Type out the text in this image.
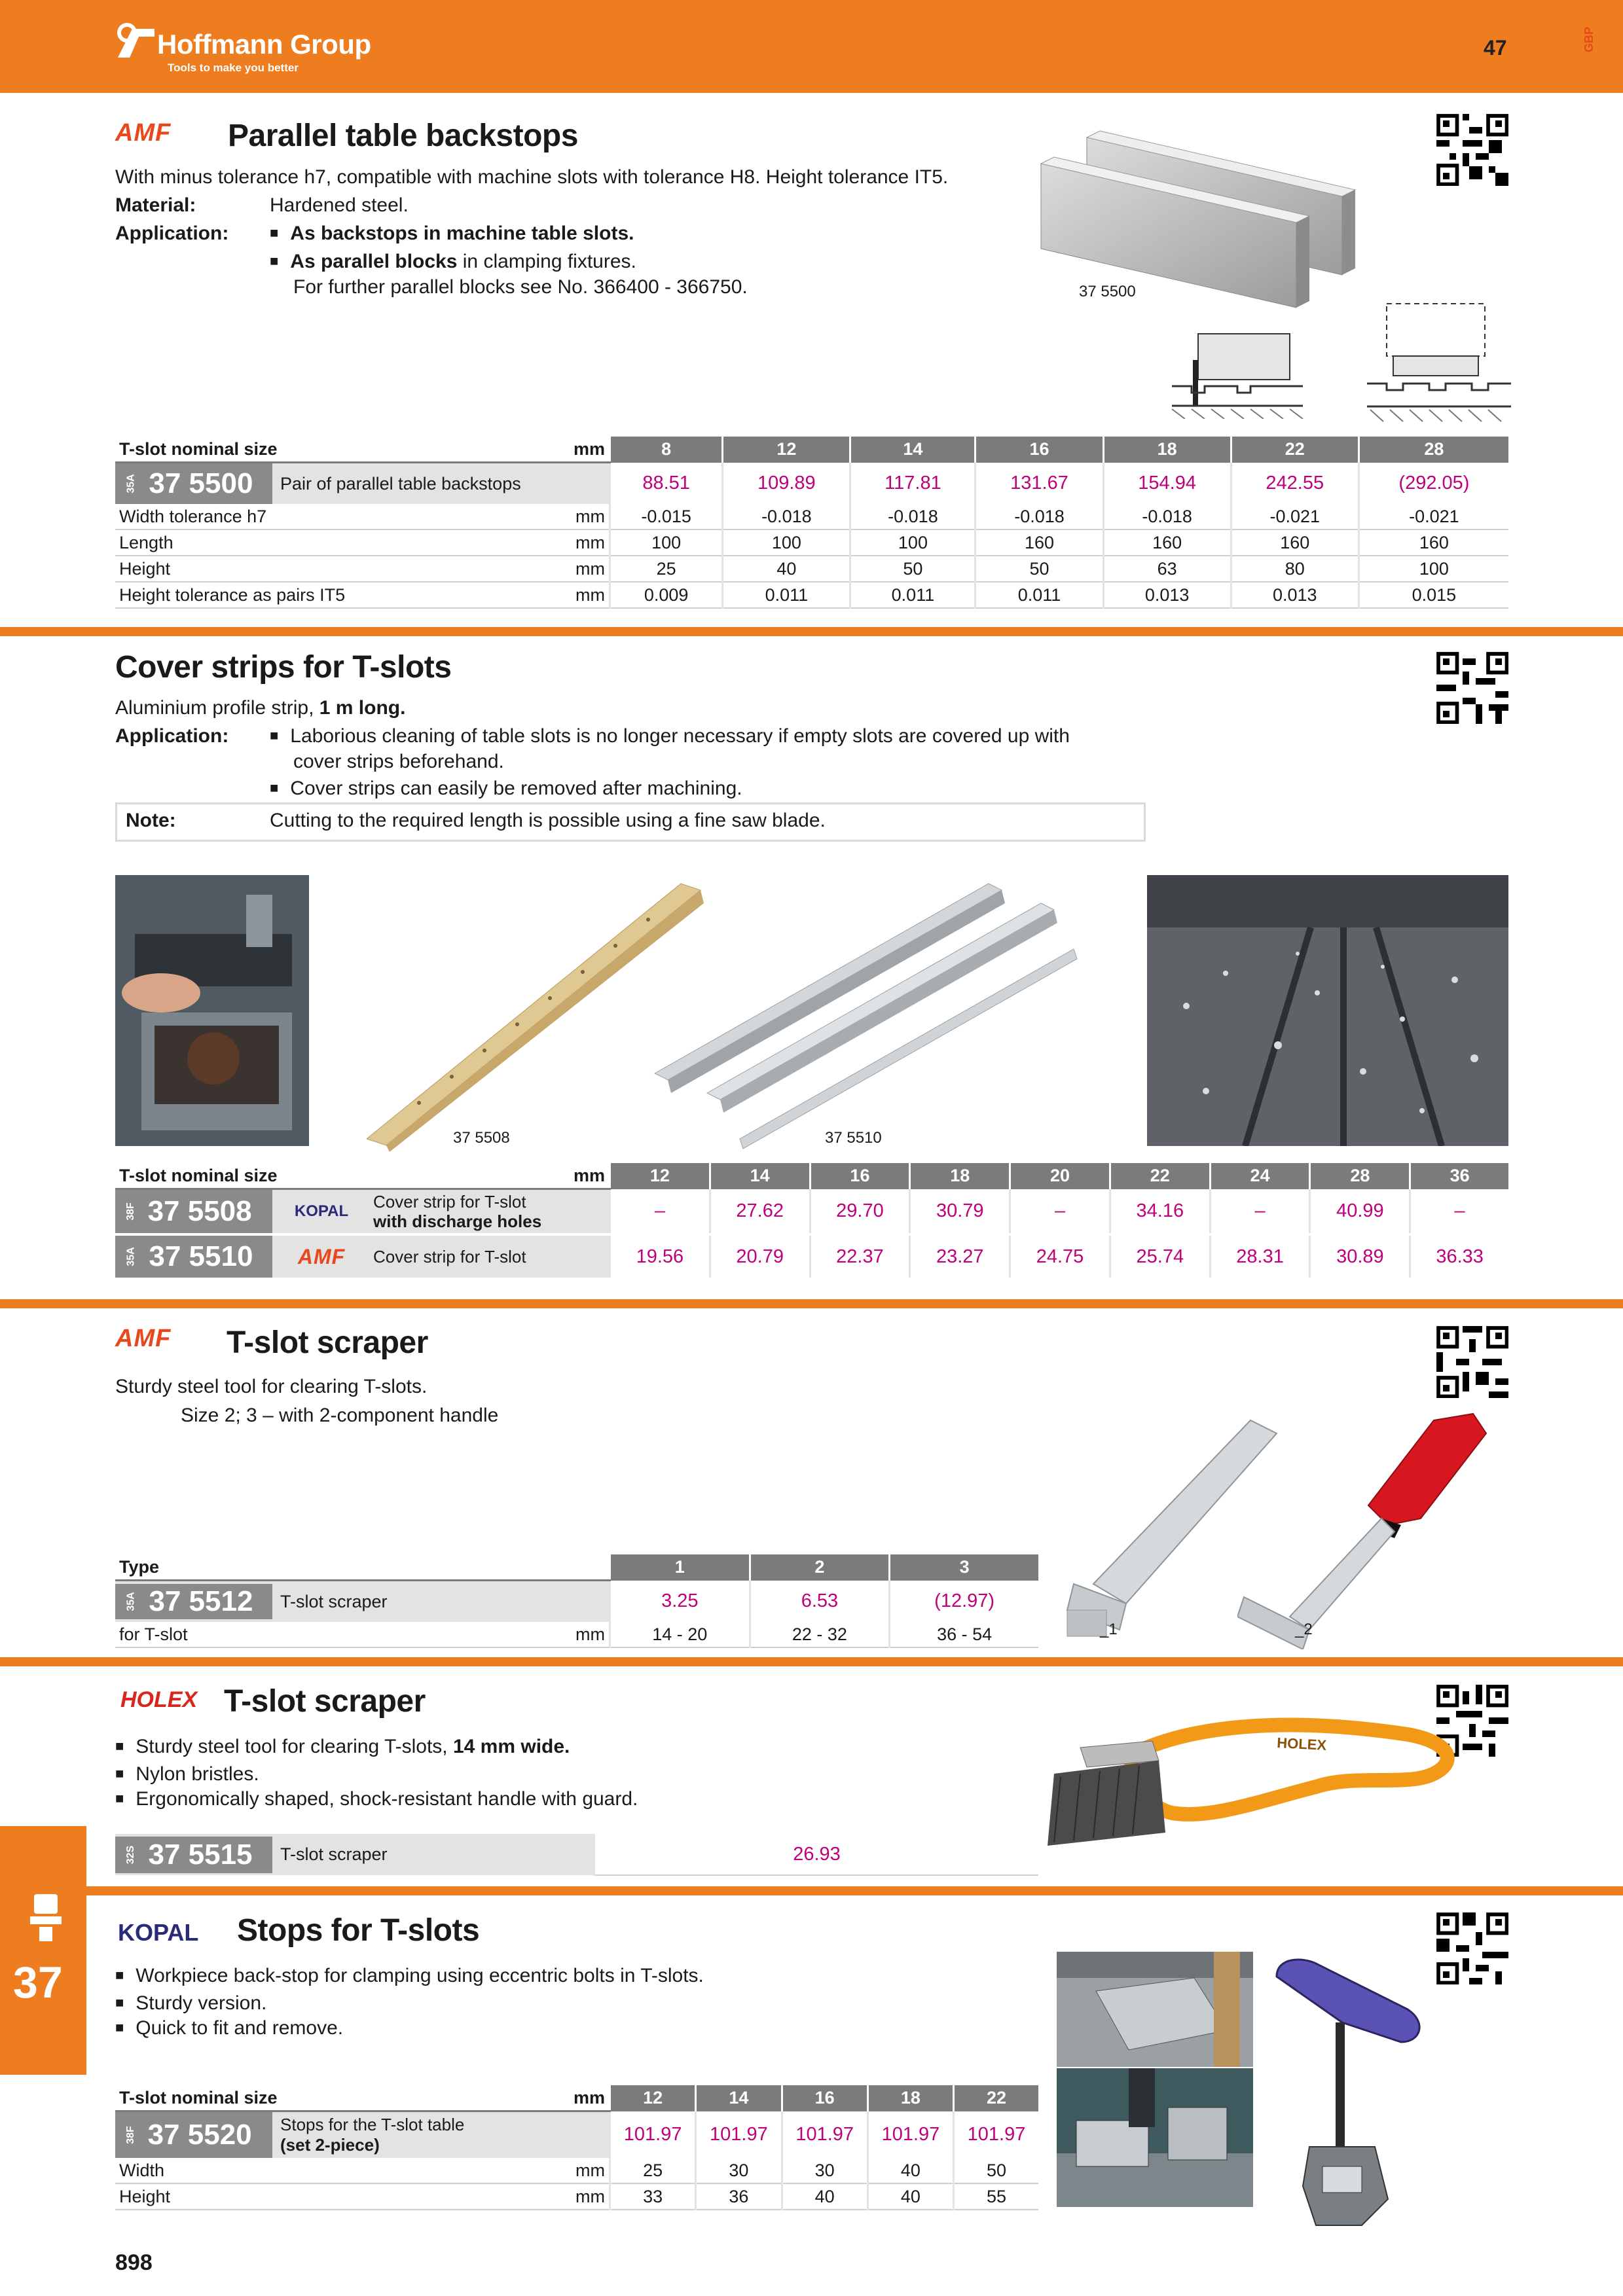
Hoffmann Group
Tools to make you better
47	GBP
AMF Parallel table backstops
With minus tolerance h7, compatible with machine slots with tolerance H8. Height tolerance IT5.
Material:	Hardened steel.
Application:	■ As backstops in machine table slots.
■ As parallel blocks in clamping fixtures.
For further parallel blocks see No. 366400 - 366750.	37 5500
T-slot nominal size	mm	8	12	14	16	18	22	28

35A 37 5500 Pair of parallel table backstops		88.51	109.89	117.81	131.67	154.94	242.55	(292.05)
Width tolerance h7	mm	-0.015	-0.018	-0.018	-0.018	-0.018	-0.021	-0.021
Length	mm	100	100	100	160	160	160	160
Height	mm	25	40	50	50	63	80	100
Height tolerance as pairs IT5	mm	0.009	0.011	0.011	0.011	0.013	0.013	0.015
Cover strips for T-slots
Aluminium profile strip, 1 m long.
Application:	■ Laborious cleaning of table slots is no longer necessary if empty slots are covered up with
cover strips beforehand.
■ Cover strips can easily be removed after machining.
Note:	Cutting to the required length is possible using a fine saw blade.
37 5508	37 5510
T-slot nominal size	mm	12	14	16	18	20	22	24	28	36

38F 37 5508 KOPAL Cover strip for T-slot
with discharge holes		–	27.62	29.70	30.79	–	34.16	–	40.99	–

35A 37 5510 AMF Cover strip for T-slot		19.56	20.79	22.37	23.27	24.75	25.74	28.31	30.89	36.33
AMF T-slot scraper
Sturdy steel tool for clearing T-slots.
Size 2; 3 – with 2-component handle
_1	_2
Type		1	2	3

35A 37 5512 T-slot scraper		3.25	6.53	(12.97)
for T-slot	mm	14 - 20	22 - 32	36 - 54
HOLEX T-slot scraper
■ Sturdy steel tool for clearing T-slots, 14 mm wide.
■ Nylon bristles.
■ Ergonomically shaped, shock-resistant handle with guard.
HOLEX
32S 37 5515	T-slot scraper	26.93
37
KOPAL Stops for T-slots
■ Workpiece back-stop for clamping using eccentric bolts in T-slots.
■ Sturdy version.
■ Quick to fit and remove.
T-slot nominal size	mm	12	14	16	18	22

38F 37 5520 Stops for the T-slot table
(set 2-piece)		101.97	101.97	101.97	101.97	101.97
Width	mm	25	30	30	40	50
Height	mm	33	36	40	40	55
898
